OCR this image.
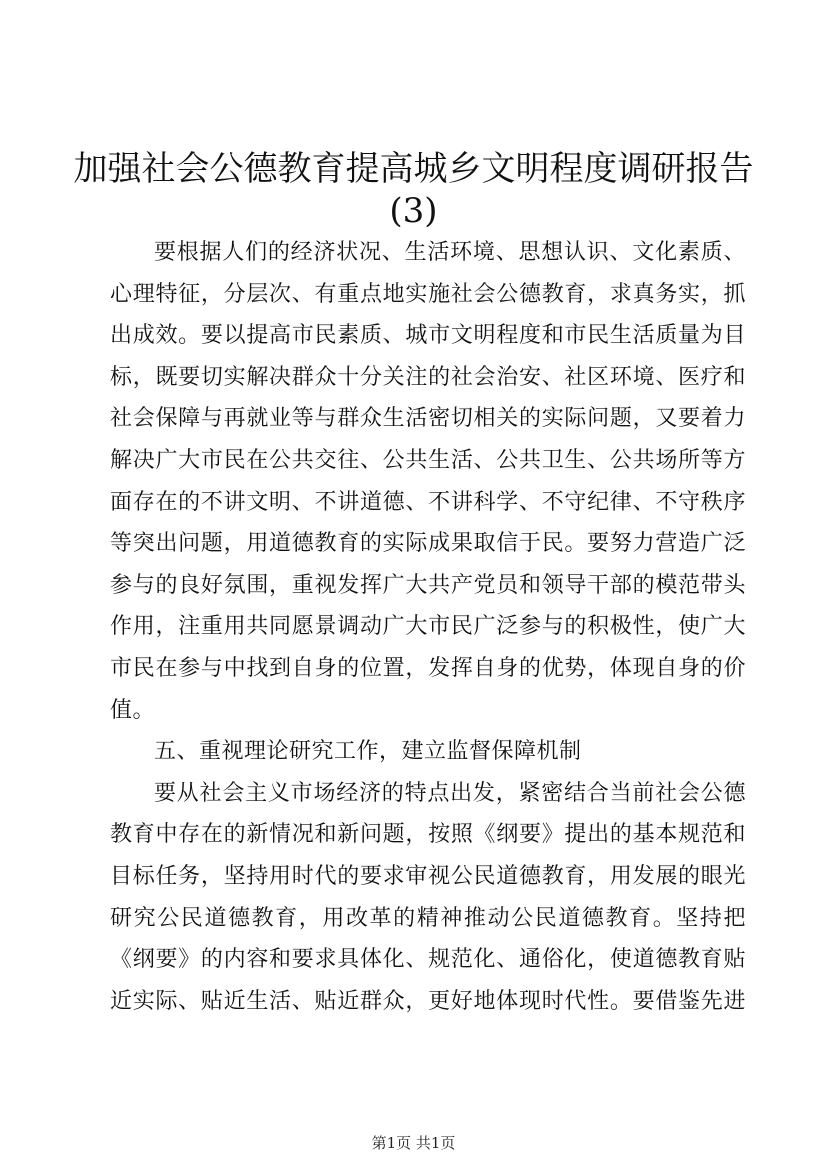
加强社会公德教育提高城乡文明程度调研报告
(3)
要根据人们的经济状况、生活环境、思想认识、文化素质、
心理特征，分层次、有重点地实施社会公德教育，求真务实，抓
出成效。要以提高市民素质、城市文明程度和市民生活质量为目
标，既要切实解决群众十分关注的社会治安、社区环境、医疗和
社会保障与再就业等与群众生活密切相关的实际问题，又要着力
解决广大市民在公共交往、公共生活、公共卫生、公共场所等方
面存在的不讲文明、不讲道德、不讲科学、不守纪律、不守秩序
等突出问题，用道德教育的实际成果取信于民。要努力营造广泛
参与的良好氛围，重视发挥广大共产党员和领导干部的模范带头
作用，注重用共同愿景调动广大市民广泛参与的积极性，使广大
市民在参与中找到自身的位置，发挥自身的优势，体现自身的价
值。
五、重视理论研究工作，建立监督保障机制
要从社会主义市场经济的特点出发，紧密结合当前社会公德
教育中存在的新情况和新问题，按照《纲要》提出的基本规范和
目标任务，坚持用时代的要求审视公民道德教育，用发展的眼光
研究公民道德教育，用改革的精神推动公民道德教育。坚持把
《纲要》的内容和要求具体化、规范化、通俗化，使道德教育贴
近实际、贴近生活、贴近群众，更好地体现时代性。要借鉴先进
第1页 共1页
